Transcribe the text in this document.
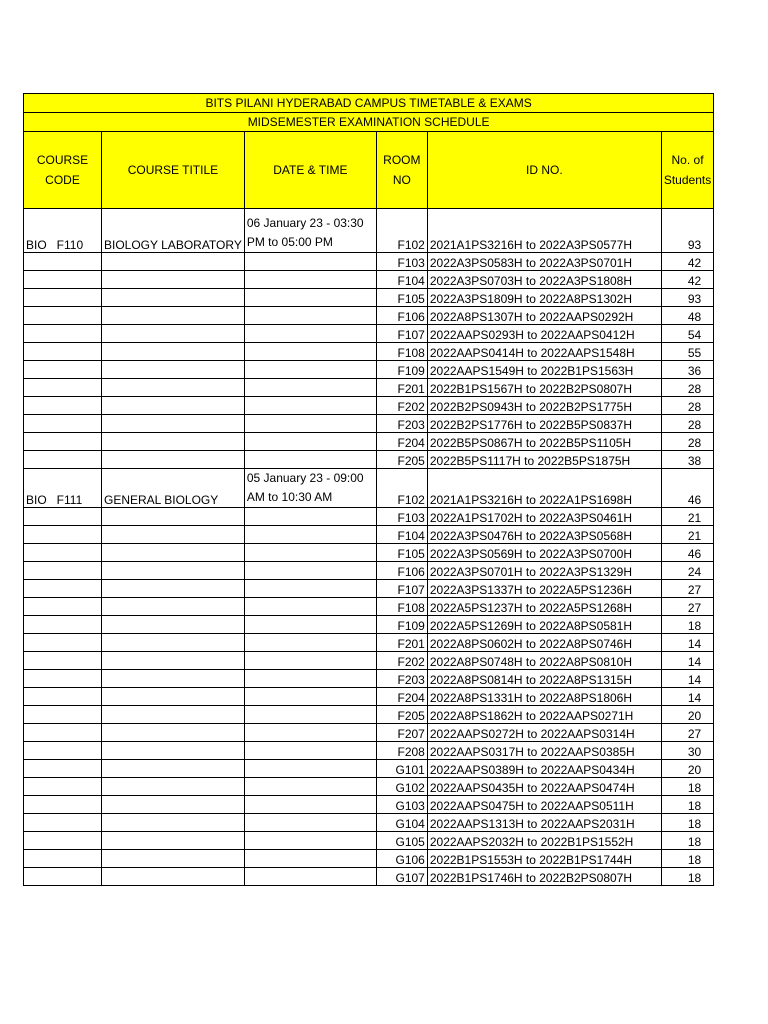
BITS PILANI HYDERABAD CAMPUS TIMETABLE & EXAMS					
MIDSEMESTER EXAMINATION SCHEDULE					
COURSE CODE	COURSE TITILE	DATE & TIME	ROOM NO	ID NO.	No. of Students
BIO   F110	BIOLOGY LABORATORY	06 January 23 - 03:30 PM to 05:00 PM	F102	2021A1PS3216H to 2022A3PS0577H	93
			F103	2022A3PS0583H to 2022A3PS0701H	42
			F104	2022A3PS0703H to 2022A3PS1808H	42
			F105	2022A3PS1809H to 2022A8PS1302H	93
			F106	2022A8PS1307H to 2022AAPS0292H	48
			F107	2022AAPS0293H to 2022AAPS0412H	54
			F108	2022AAPS0414H to 2022AAPS1548H	55
			F109	2022AAPS1549H to 2022B1PS1563H	36
			F201	2022B1PS1567H to 2022B2PS0807H	28
			F202	2022B2PS0943H to 2022B2PS1775H	28
			F203	2022B2PS1776H to 2022B5PS0837H	28
			F204	2022B5PS0867H to 2022B5PS1105H	28
			F205	2022B5PS1117H to 2022B5PS1875H	38
BIO   F111	GENERAL BIOLOGY	05 January 23 - 09:00 AM to 10:30 AM	F102	2021A1PS3216H to 2022A1PS1698H	46
			F103	2022A1PS1702H to 2022A3PS0461H	21
			F104	2022A3PS0476H to 2022A3PS0568H	21
			F105	2022A3PS0569H to 2022A3PS0700H	46
			F106	2022A3PS0701H to 2022A3PS1329H	24
			F107	2022A3PS1337H to 2022A5PS1236H	27
			F108	2022A5PS1237H to 2022A5PS1268H	27
			F109	2022A5PS1269H to 2022A8PS0581H	18
			F201	2022A8PS0602H to 2022A8PS0746H	14
			F202	2022A8PS0748H to 2022A8PS0810H	14
			F203	2022A8PS0814H to 2022A8PS1315H	14
			F204	2022A8PS1331H to 2022A8PS1806H	14
			F205	2022A8PS1862H to 2022AAPS0271H	20
			F207	2022AAPS0272H to 2022AAPS0314H	27
			F208	2022AAPS0317H to 2022AAPS0385H	30
			G101	2022AAPS0389H to 2022AAPS0434H	20
			G102	2022AAPS0435H to 2022AAPS0474H	18
			G103	2022AAPS0475H to 2022AAPS0511H	18
			G104	2022AAPS1313H to 2022AAPS2031H	18
			G105	2022AAPS2032H to 2022B1PS1552H	18
			G106	2022B1PS1553H to 2022B1PS1744H	18
			G107	2022B1PS1746H to 2022B2PS0807H	18
